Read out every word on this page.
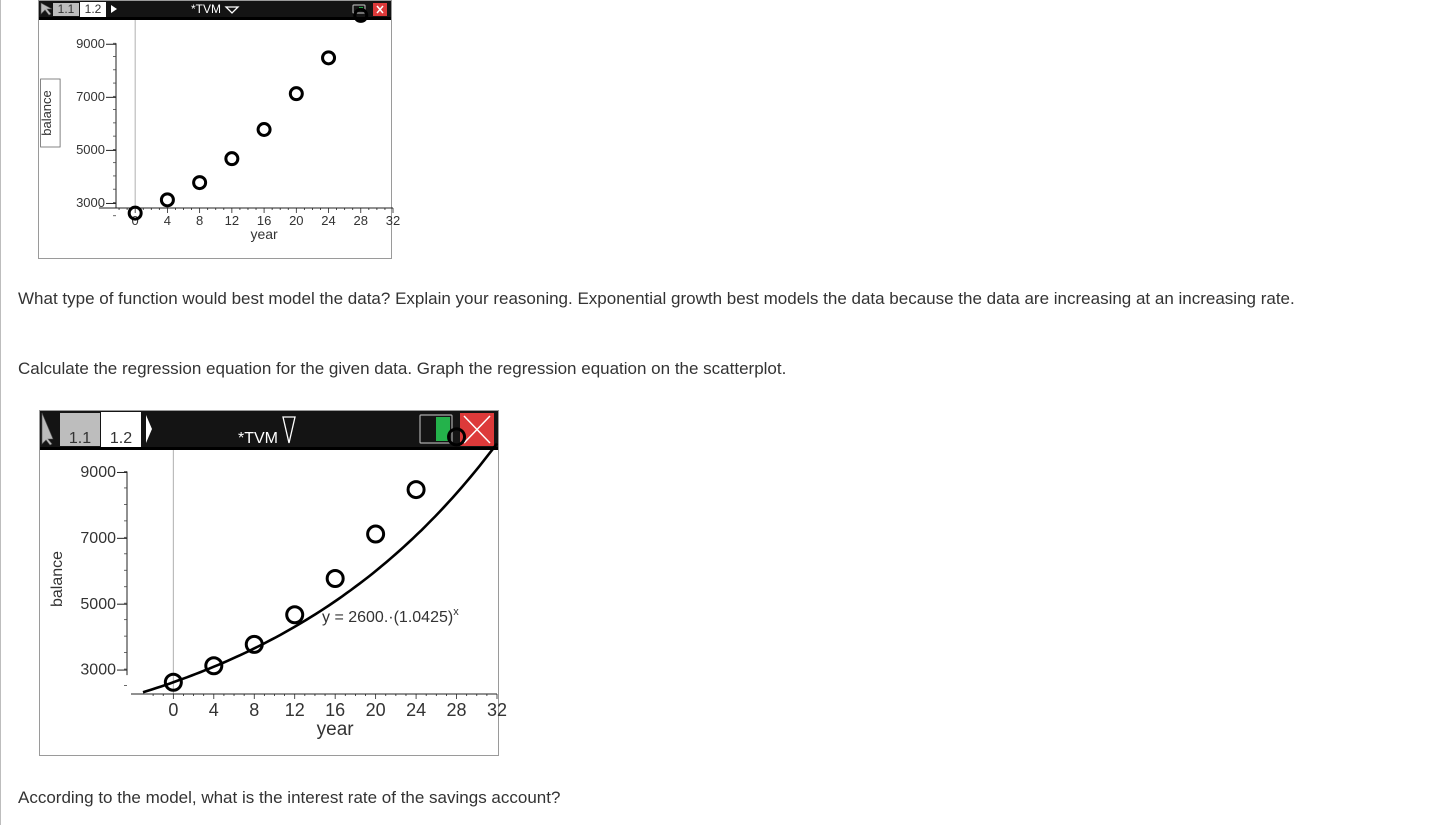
1.1 1.2	*TVM
3000
5000
7000
9000
0 4 8 12 16 20 24 28 32
year
balance

What type of function would best model the data? Explain your reasoning. Exponential growth best models the data because the data are increasing at an increasing rate.

Calculate the regression equation for the given data. Graph the regression equation on the scatterplot.

1.1 1.2	*TVM
3000
5000
7000
9000
0 4 8 12 16 20 24 28 32
year
balance
$y = 2600.\cdot(1.0425)^x$

According to the model, what is the interest rate of the savings account?
